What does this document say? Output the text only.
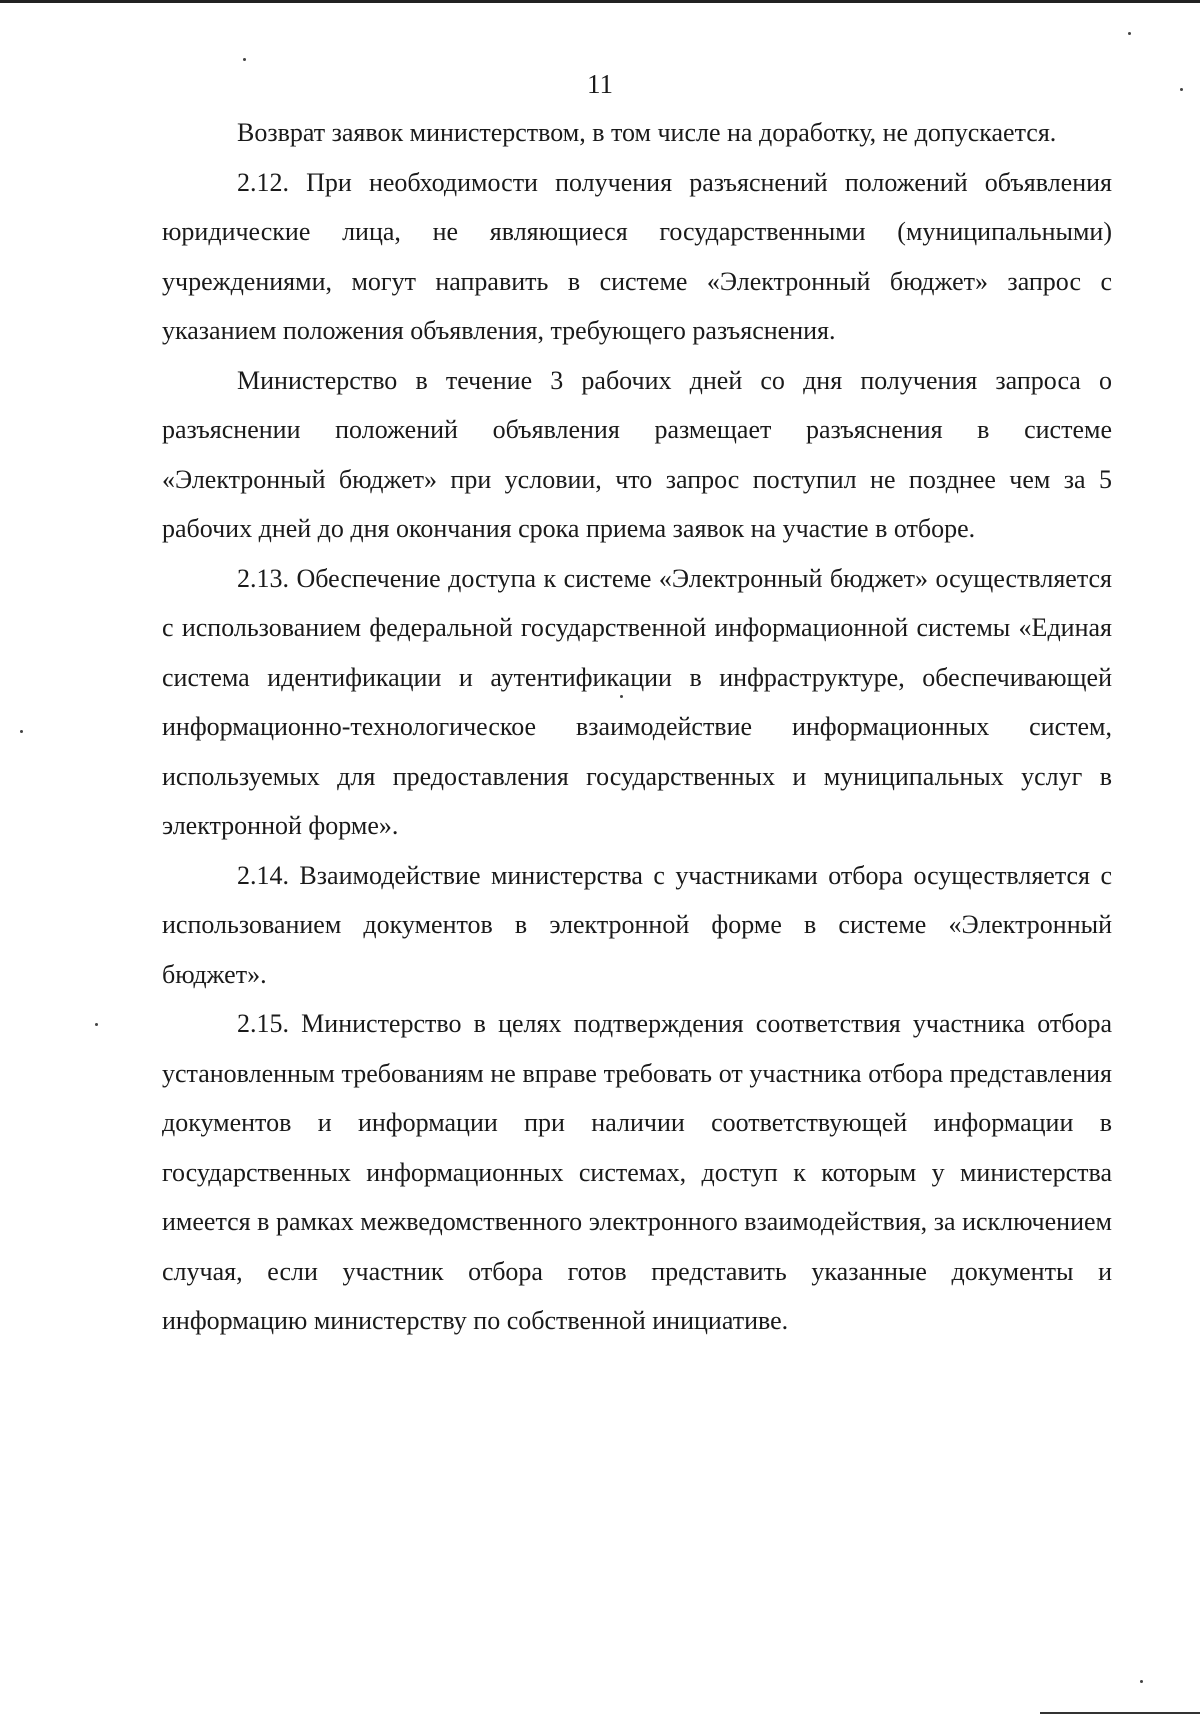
11

Возврат заявок министерством, в том числе на доработку, не допускается.

2.12. При необходимости получения разъяснений положений объявления юридические лица, не являющиеся государственными (муниципальными) учреждениями, могут направить в системе «Электронный бюджет» запрос с указанием положения объявления, требующего разъяснения.

Министерство в течение 3 рабочих дней со дня получения запроса о разъяснении положений объявления размещает разъяснения в системе «Электронный бюджет» при условии, что запрос поступил не позднее чем за 5 рабочих дней до дня окончания срока приема заявок на участие в отборе.

2.13. Обеспечение доступа к системе «Электронный бюджет» осуществляется с использованием федеральной государственной информационной системы «Единая система идентификации и аутентификации в инфраструктуре, обеспечивающей информационно-технологическое взаимодействие информационных систем, используемых для предоставления государственных и муниципальных услуг в электронной форме».

2.14. Взаимодействие министерства с участниками отбора осуществляется с использованием документов в электронной форме в системе «Электронный бюджет».

2.15. Министерство в целях подтверждения соответствия участника отбора установленным требованиям не вправе требовать от участника отбора представления документов и информации при наличии соответствующей информации в государственных информационных системах, доступ к которым у министерства имеется в рамках межведомственного электронного взаимодействия, за исключением случая, если участник отбора готов представить указанные документы и информацию министерству по собственной инициативе.
